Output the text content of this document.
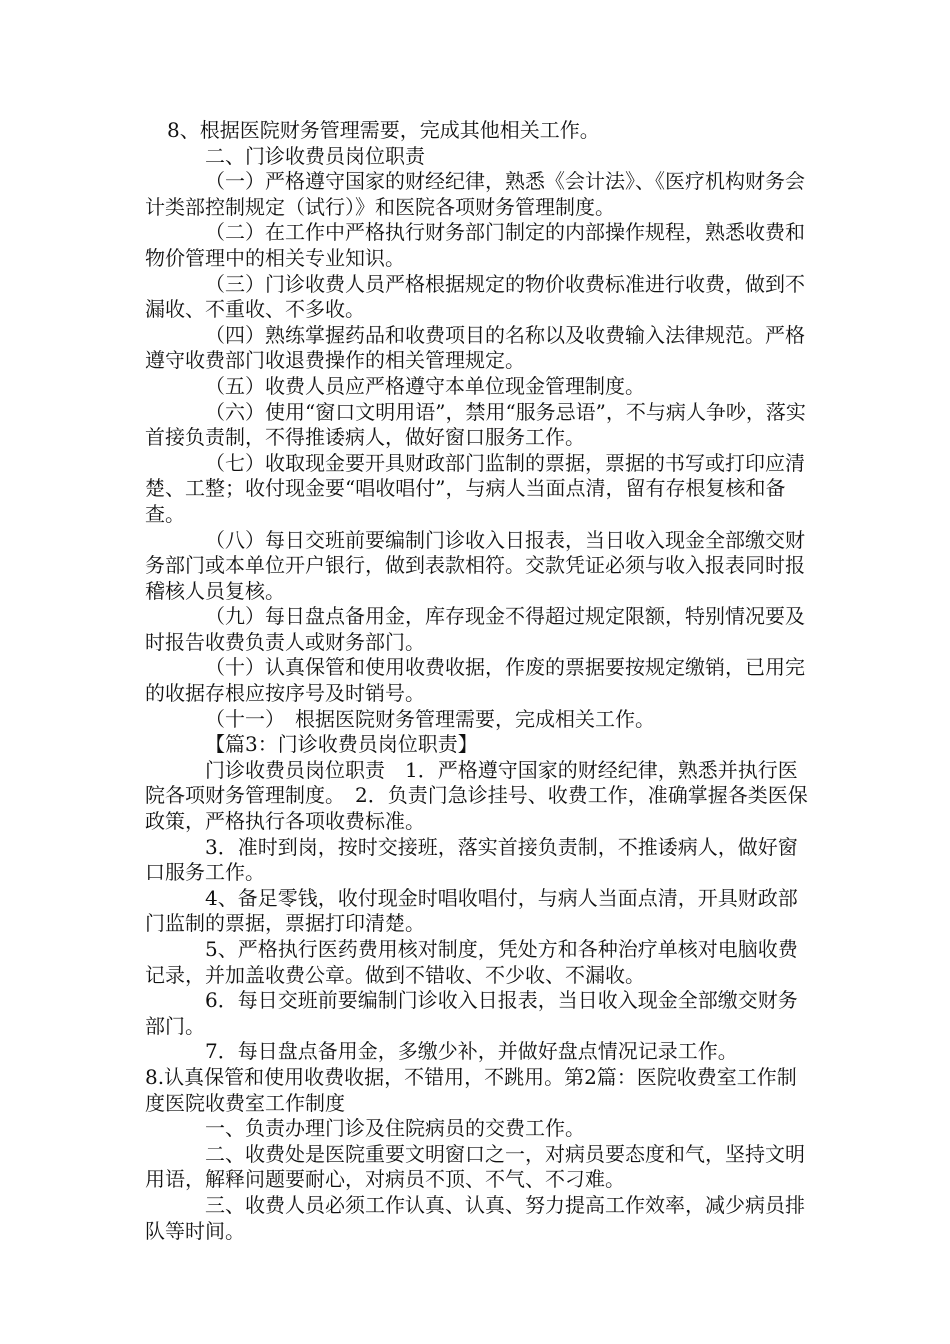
8、根据医院财务管理需要，完成其他相关工作。

二、门诊收费员岗位职责

（一）严格遵守国家的财经纪律，熟悉《会计法》、《医疗机构财务会计类部控制规定（试行）》和医院各项财务管理制度。

（二）在工作中严格执行财务部门制定的内部操作规程，熟悉收费和物价管理中的相关专业知识。

（三）门诊收费人员严格根据规定的物价收费标准进行收费，做到不漏收、不重收、不多收。

（四）熟练掌握药品和收费项目的名称以及收费输入法律规范。严格遵守收费部门收退费操作的相关管理规定。

（五）收费人员应严格遵守本单位现金管理制度。

（六）使用“窗口文明用语”，禁用“服务忌语”，不与病人争吵，落实首接负责制，不得推诿病人，做好窗口服务工作。

（七）收取现金要开具财政部门监制的票据，票据的书写或打印应清楚、工整；收付现金要“唱收唱付”，与病人当面点清，留有存根复核和备查。

（八）每日交班前要编制门诊收入日报表，当日收入现金全部缴交财务部门或本单位开户银行，做到表款相符。交款凭证必须与收入报表同时报稽核人员复核。

（九）每日盘点备用金，库存现金不得超过规定限额，特别情况要及时报告收费负责人或财务部门。

（十）认真保管和使用收费收据，作废的票据要按规定缴销，已用完的收据存根应按序号及时销号。

（十一）　根据医院财务管理需要，完成相关工作。

【篇3：门诊收费员岗位职责】

门诊收费员岗位职责　1．严格遵守国家的财经纪律，熟悉并执行医院各项财务管理制度。　2．负责门急诊挂号、收费工作，准确掌握各类医保政策，严格执行各项收费标准。

3．准时到岗，按时交接班，落实首接负责制，不推诿病人，做好窗口服务工作。

4、备足零钱，收付现金时唱收唱付，与病人当面点清，开具财政部门监制的票据，票据打印清楚。

5、严格执行医药费用核对制度，凭处方和各种治疗单核对电脑收费记录，并加盖收费公章。做到不错收、不少收、不漏收。

6．每日交班前要编制门诊收入日报表，当日收入现金全部缴交财务部门。

7．每日盘点备用金，多缴少补，并做好盘点情况记录工作。

8.认真保管和使用收费收据，不错用，不跳用。第2篇：医院收费室工作制度医院收费室工作制度

一、负责办理门诊及住院病员的交费工作。

二、收费处是医院重要文明窗口之一，对病员要态度和气，坚持文明用语，解释问题要耐心，对病员不顶、不气、不刁难。

三、收费人员必须工作认真、认真、努力提高工作效率，减少病员排队等时间。
